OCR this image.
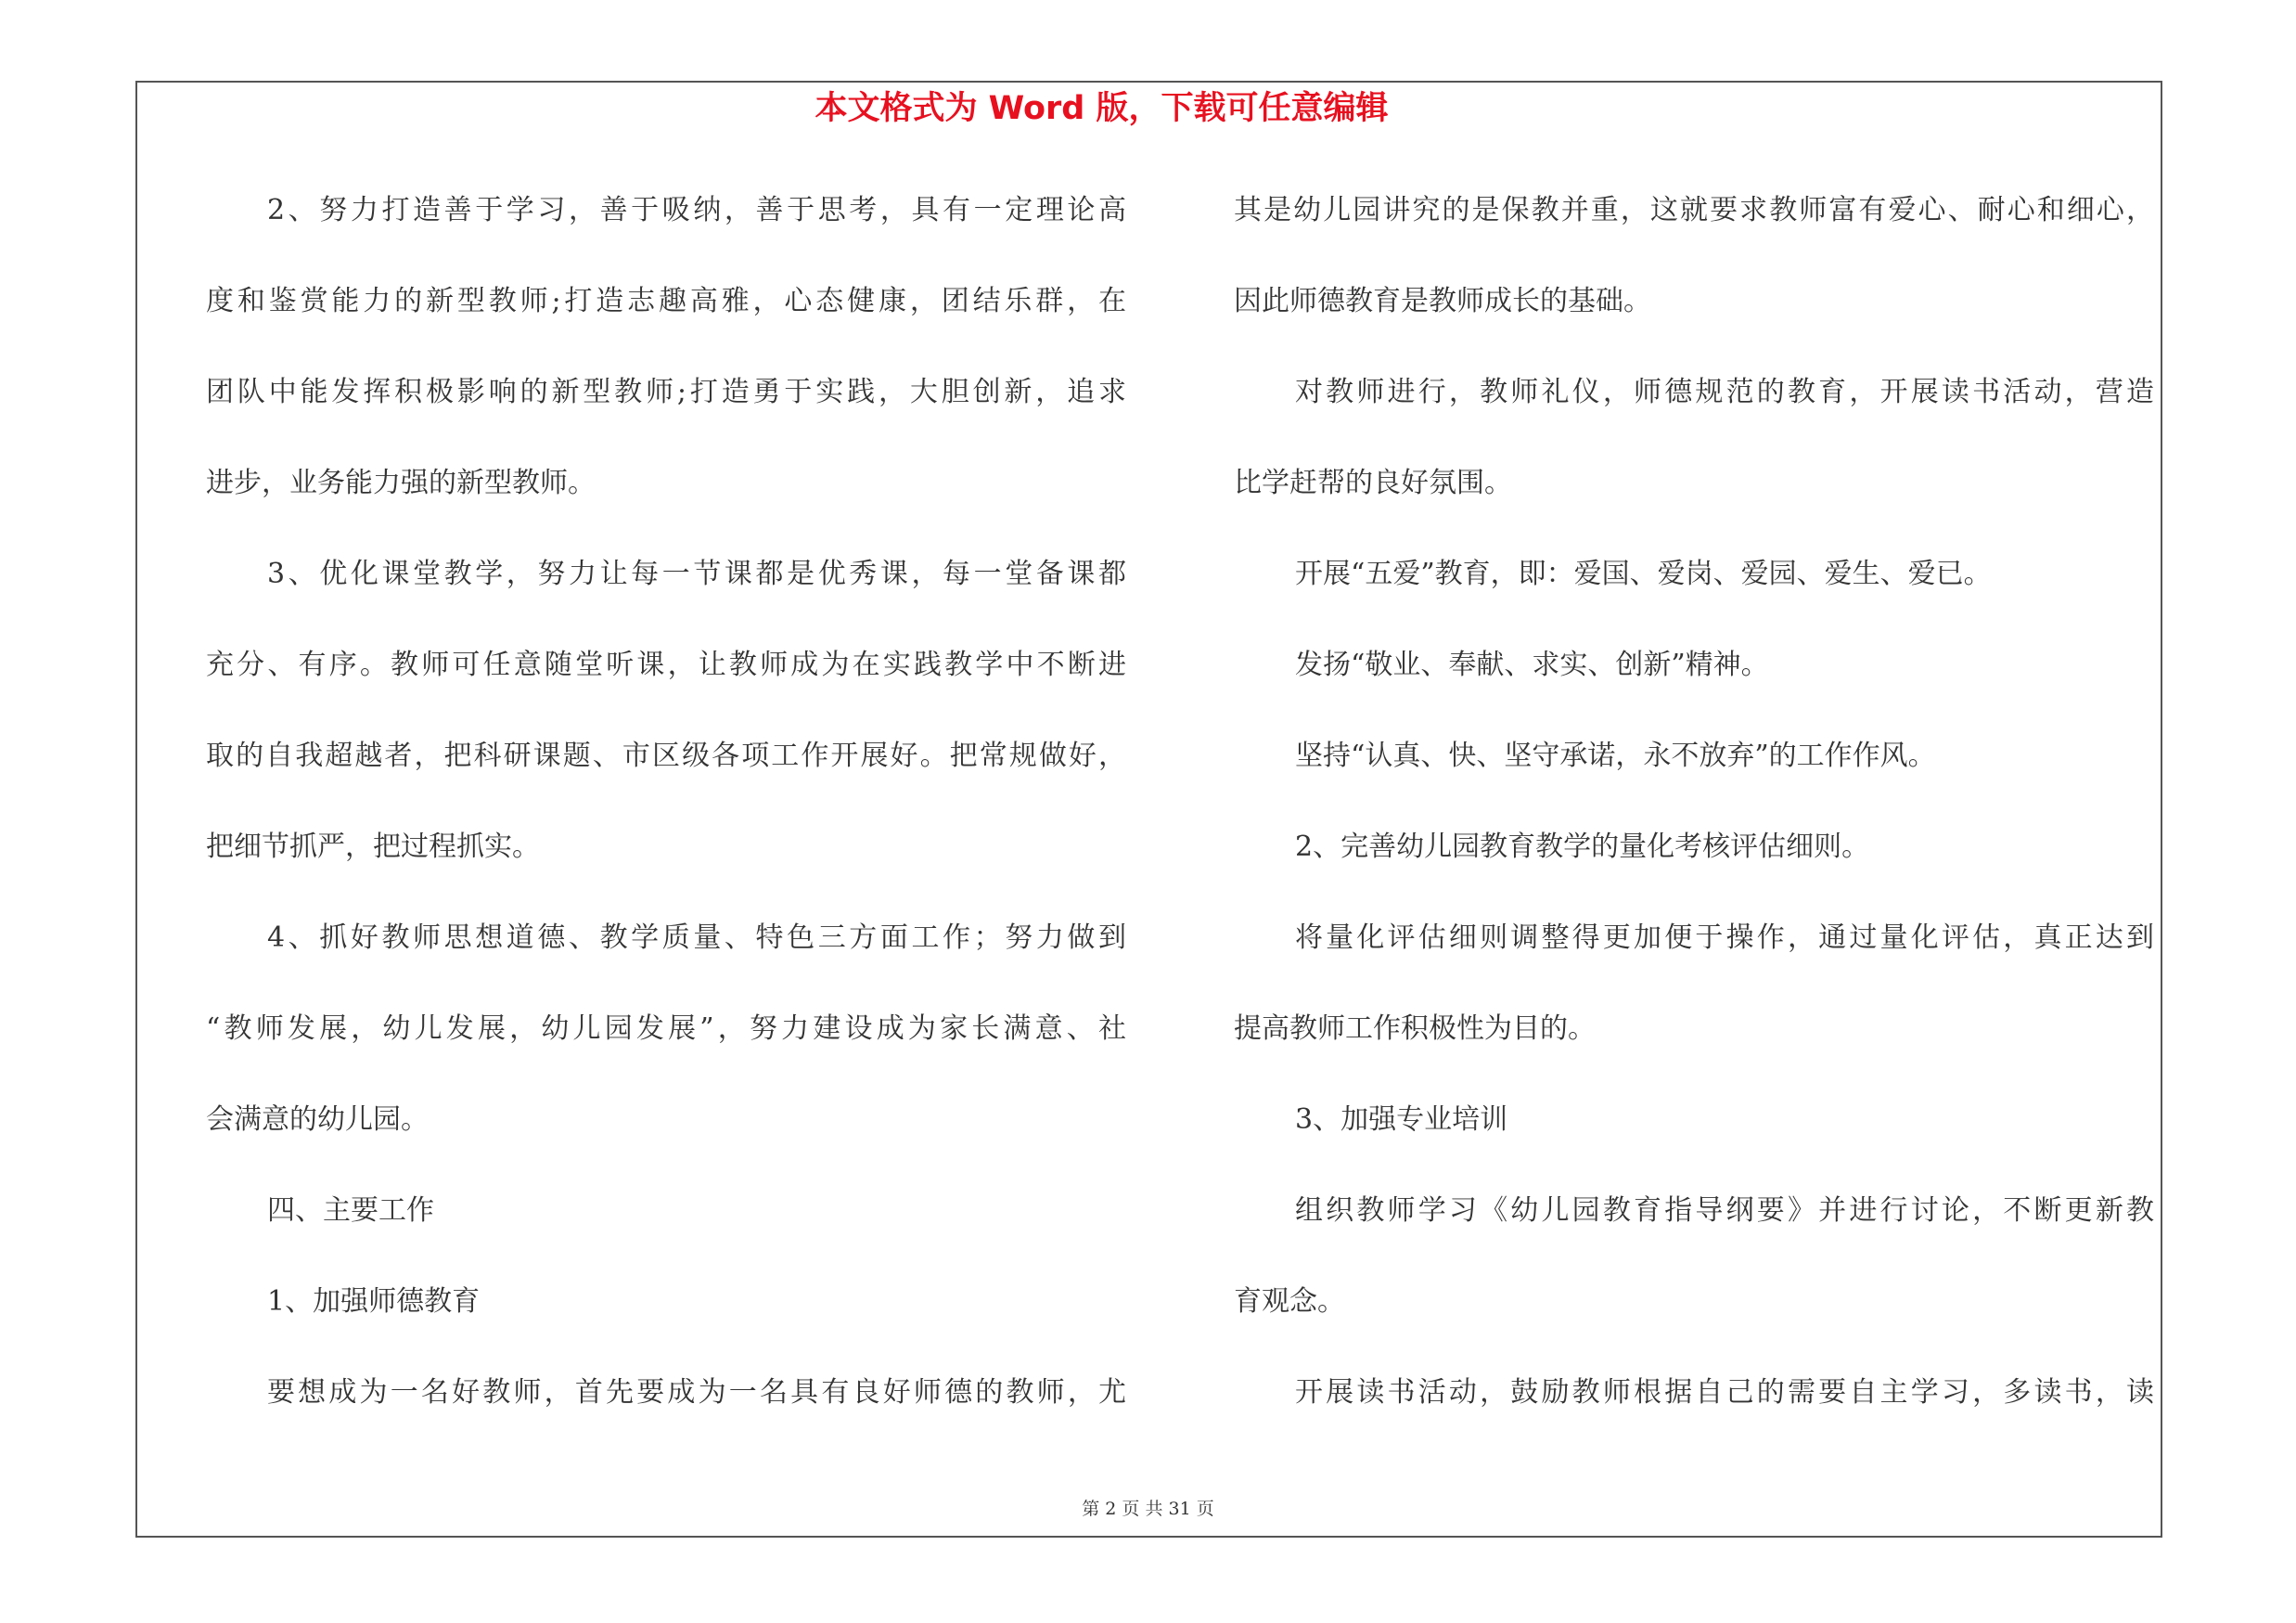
本文格式为 Word 版，下载可任意编辑
2、努力打造善于学习，善于吸纳，善于思考，具有一定理论高
度和鉴赏能力的新型教师;打造志趣高雅，心态健康，团结乐群，在
团队中能发挥积极影响的新型教师;打造勇于实践，大胆创新，追求
进步，业务能力强的新型教师。
3、优化课堂教学，努力让每一节课都是优秀课，每一堂备课都
充分、有序。教师可任意随堂听课，让教师成为在实践教学中不断进
取的自我超越者，把科研课题、市区级各项工作开展好。把常规做好，
把细节抓严，把过程抓实。
4、抓好教师思想道德、教学质量、特色三方面工作；努力做到
“教师发展，幼儿发展，幼儿园发展”，努力建设成为家长满意、社
会满意的幼儿园。
四、主要工作
1、加强师德教育
要想成为一名好教师，首先要成为一名具有良好师德的教师，尤
其是幼儿园讲究的是保教并重，这就要求教师富有爱心、耐心和细心，
因此师德教育是教师成长的基础。
对教师进行，教师礼仪，师德规范的教育，开展读书活动，营造
比学赶帮的良好氛围。
开展“五爱”教育，即：爱国、爱岗、爱园、爱生、爱已。
发扬“敬业、奉献、求实、创新”精神。
坚持“认真、快、坚守承诺，永不放弃”的工作作风。
2、完善幼儿园教育教学的量化考核评估细则。
将量化评估细则调整得更加便于操作，通过量化评估，真正达到
提高教师工作积极性为目的。
3、加强专业培训
组织教师学习《幼儿园教育指导纲要》并进行讨论，不断更新教
育观念。
开展读书活动，鼓励教师根据自己的需要自主学习，多读书，读
第 2 页 共 31 页
